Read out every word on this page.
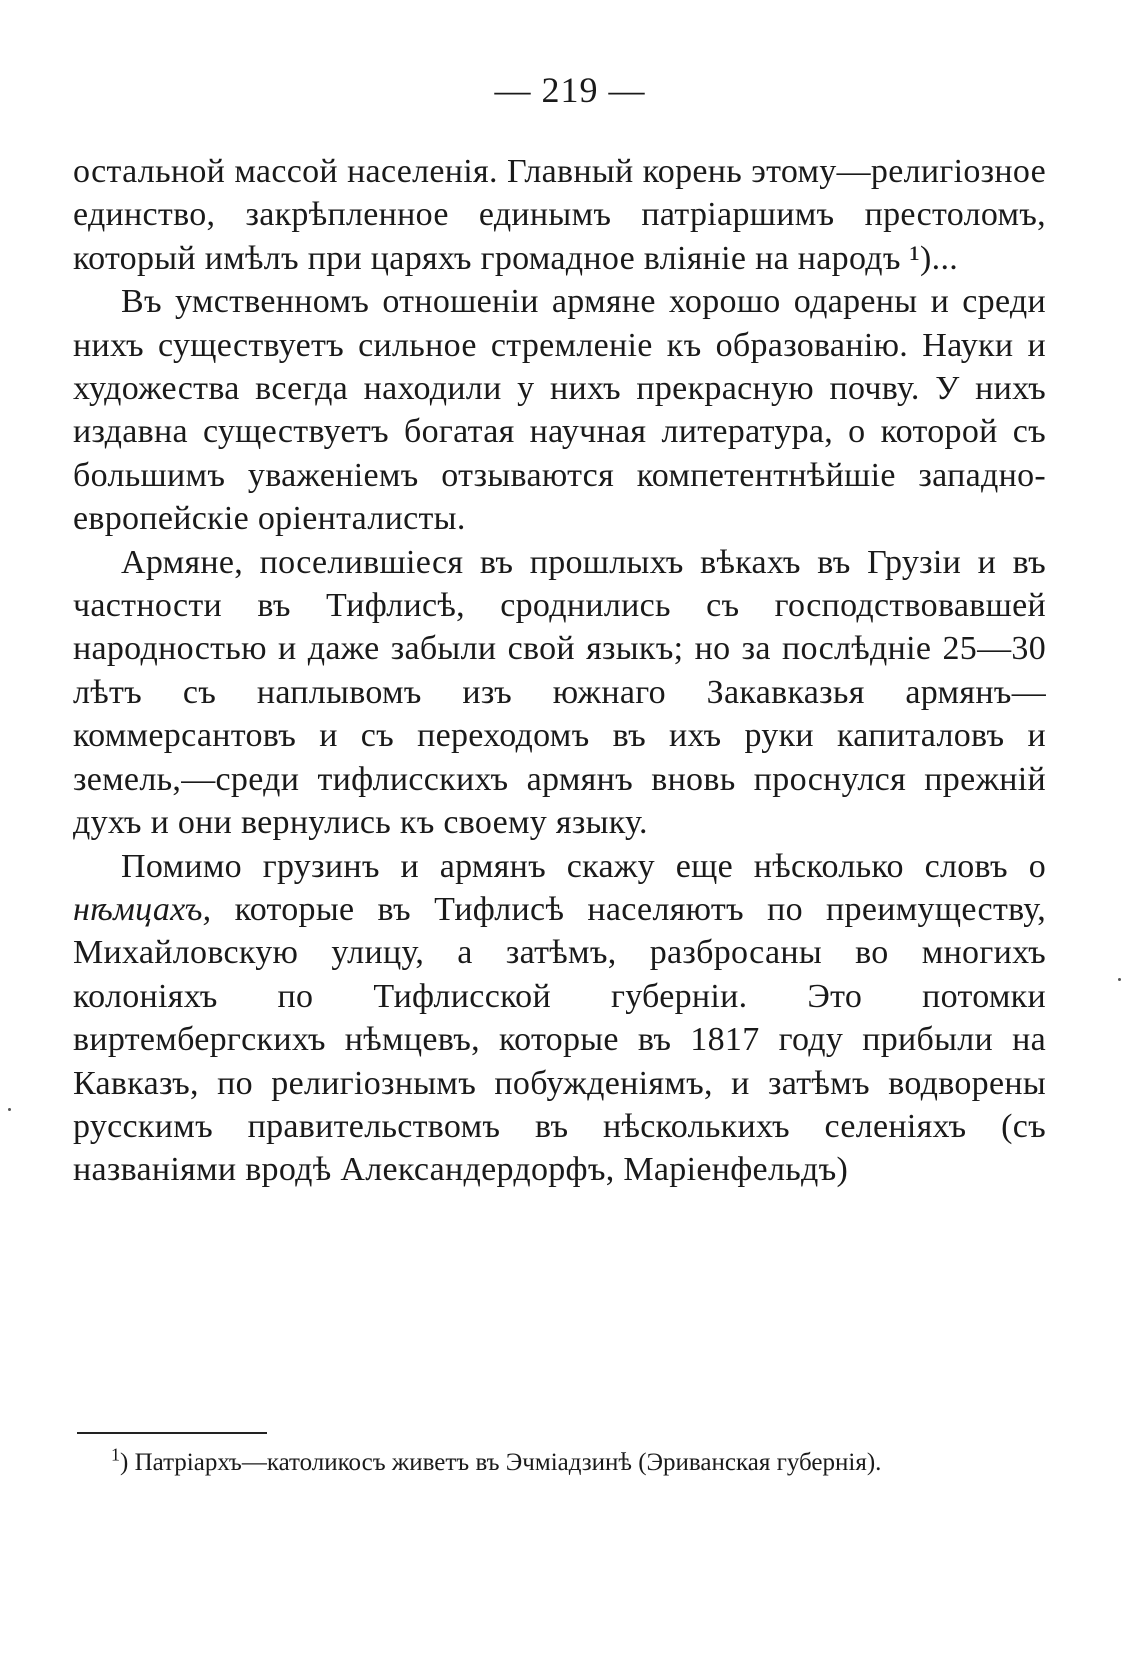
— 219 —

остальной массой населенія. Главный корень этому—религіозное единство, закрѣпленное единымъ патріаршимъ престоломъ, который имѣлъ при царяхъ громадное вліяніе на народъ ¹)...

Въ умственномъ отношеніи армяне хорошо одарены и среди нихъ существуетъ сильное стремленіе къ образованію. Науки и художества всегда находили у нихъ прекрасную почву. У нихъ издавна существуетъ богатая научная литература, о которой съ большимъ уваженіемъ отзываются компетентнѣйшіе западно-европейскіе оріенталисты.

Армяне, поселившіеся въ прошлыхъ вѣкахъ въ Грузіи и въ частности въ Тифлисѣ, сроднились съ господствовавшей народностью и даже забыли свой языкъ; но за послѣдніе 25—30 лѣтъ съ наплывомъ изъ южнаго Закавказья армянъ—коммерсантовъ и съ переходомъ въ ихъ руки капиталовъ и земель,—среди тифлисскихъ армянъ вновь проснулся прежній духъ и они вернулись къ своему языку.

Помимо грузинъ и армянъ скажу еще нѣсколько словъ о нѣмцахъ, которые въ Тифлисѣ населяютъ по преимуществу, Михайловскую улицу, а затѣмъ, разбросаны во многихъ колоніяхъ по Тифлисской губерніи. Это потомки виртембергскихъ нѣмцевъ, которые въ 1817 году прибыли на Кавказъ, по религіознымъ побужденіямъ, и затѣмъ водворены русскимъ правительствомъ въ нѣсколькихъ селеніяхъ (съ названіями вродѣ Александердорфъ, Маріенфельдъ)

$^1$) Патріархъ—католикосъ живетъ въ Эчміадзинѣ (Эриванская губернія).
